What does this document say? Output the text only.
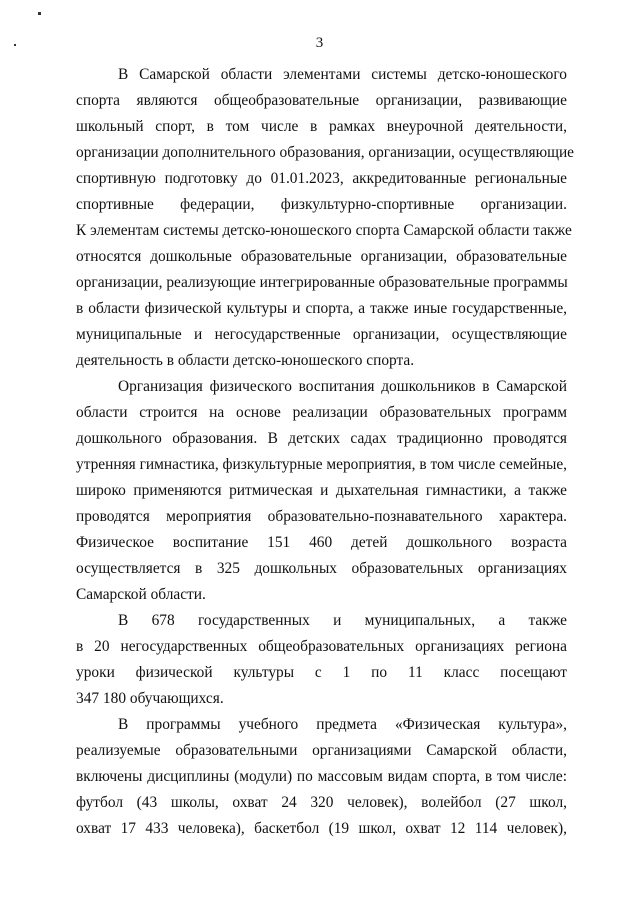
3
В Самарской области элементами системы детско-юношеского
спорта являются общеобразовательные организации, развивающие
школьный спорт, в том числе в рамках внеурочной деятельности,
организации дополнительного образования, организации, осуществляющие
спортивную подготовку до 01.01.2023, аккредитованные региональные
спортивные федерации, физкультурно-спортивные организации.
К элементам системы детско-юношеского спорта Самарской области также
относятся дошкольные образовательные организации, образовательные
организации, реализующие интегрированные образовательные программы
в области физической культуры и спорта, а также иные государственные,
муниципальные и негосударственные организации, осуществляющие
деятельность в области детско-юношеского спорта.
Организация физического воспитания дошкольников в Самарской
области строится на основе реализации образовательных программ
дошкольного образования. В детских садах традиционно проводятся
утренняя гимнастика, физкультурные мероприятия, в том числе семейные,
широко применяются ритмическая и дыхательная гимнастики, а также
проводятся мероприятия образовательно-познавательного характера.
Физическое воспитание 151 460 детей дошкольного возраста
осуществляется в 325 дошкольных образовательных организациях
Самарской области.
В 678 государственных и муниципальных, а также
в 20 негосударственных общеобразовательных организациях региона
уроки физической культуры с 1 по 11 класс посещают
347 180 обучающихся.
В программы учебного предмета «Физическая культура»,
реализуемые образовательными организациями Самарской области,
включены дисциплины (модули) по массовым видам спорта, в том числе:
футбол (43 школы, охват 24 320 человек), волейбол (27 школ,
охват 17 433 человека), баскетбол (19 школ, охват 12 114 человек),
